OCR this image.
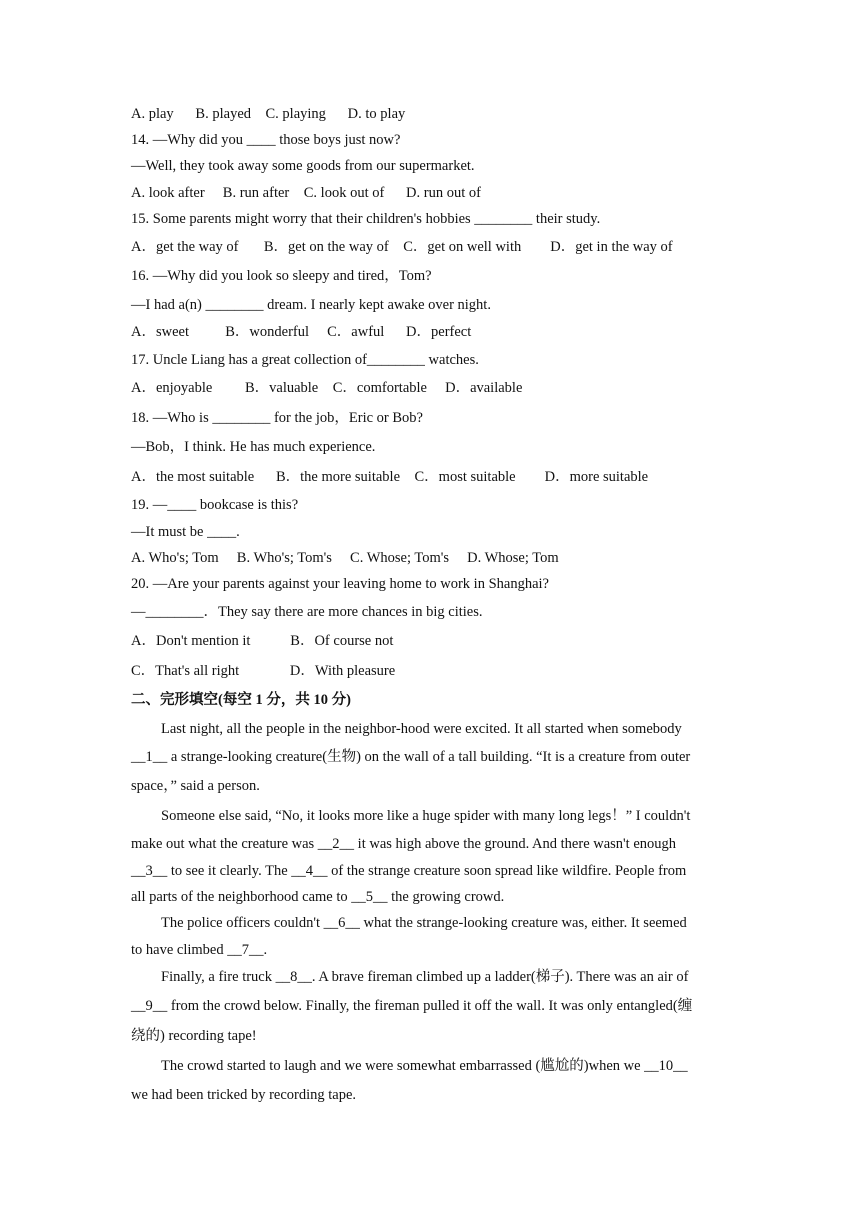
A. play      B. played    C. playing      D. to play
14. —Why did you ____ those boys just now?
—Well, they took away some goods from our supermarket.
A. look after     B. run after    C. look out of      D. run out of
15. Some parents might worry that their children's hobbies ________ their study.
A．get the way of       B．get on the way of    C．get on well with        D．get in the way of
16. —Why did you look so sleepy and tired，Tom?
—I had a(n) ________ dream. I nearly kept awake over night.
A．sweet          B．wonderful     C．awful      D．perfect
17. Uncle Liang has a great collection of________ watches.
A．enjoyable         B．valuable    C．comfortable     D．available
18. —Who is ________ for the job，Eric or Bob?
—Bob，I think. He has much experience.
A．the most suitable      B．the more suitable    C．most suitable        D．more suitable
19. —____ bookcase is this?
—It must be ____.
A. Who's; Tom     B. Who's; Tom's     C. Whose; Tom's     D. Whose; Tom
20. —Are your parents against your leaving home to work in Shanghai?
—________．They say there are more chances in big cities.
A．Don't mention it           B．Of course not
C．That's all right              D．With pleasure
二、完形填空(每空 1 分，共 10 分)
Last night, all the people in the neighbor-hood were excited. It all started when somebody
__1__ a strange-looking creature(生物) on the wall of a tall building. “It is a creature from outer
space，” said a person.
Someone else said, “No, it looks more like a huge spider with many long legs！” I couldn't
make out what the creature was __2__ it was high above the ground. And there wasn't enough
__3__ to see it clearly. The __4__ of the strange creature soon spread like wildfire. People from
all parts of the neighborhood came to __5__ the growing crowd.
The police officers couldn't __6__ what the strange-looking creature was, either. It seemed
to have climbed __7__.
Finally, a fire truck __8__. A brave fireman climbed up a ladder(梯子). There was an air of
__9__ from the crowd below. Finally, the fireman pulled it off the wall. It was only entangled(缠
绕的) recording tape!
The crowd started to laugh and we were somewhat embarrassed (尴尬的)when we __10__
we had been tricked by recording tape.
